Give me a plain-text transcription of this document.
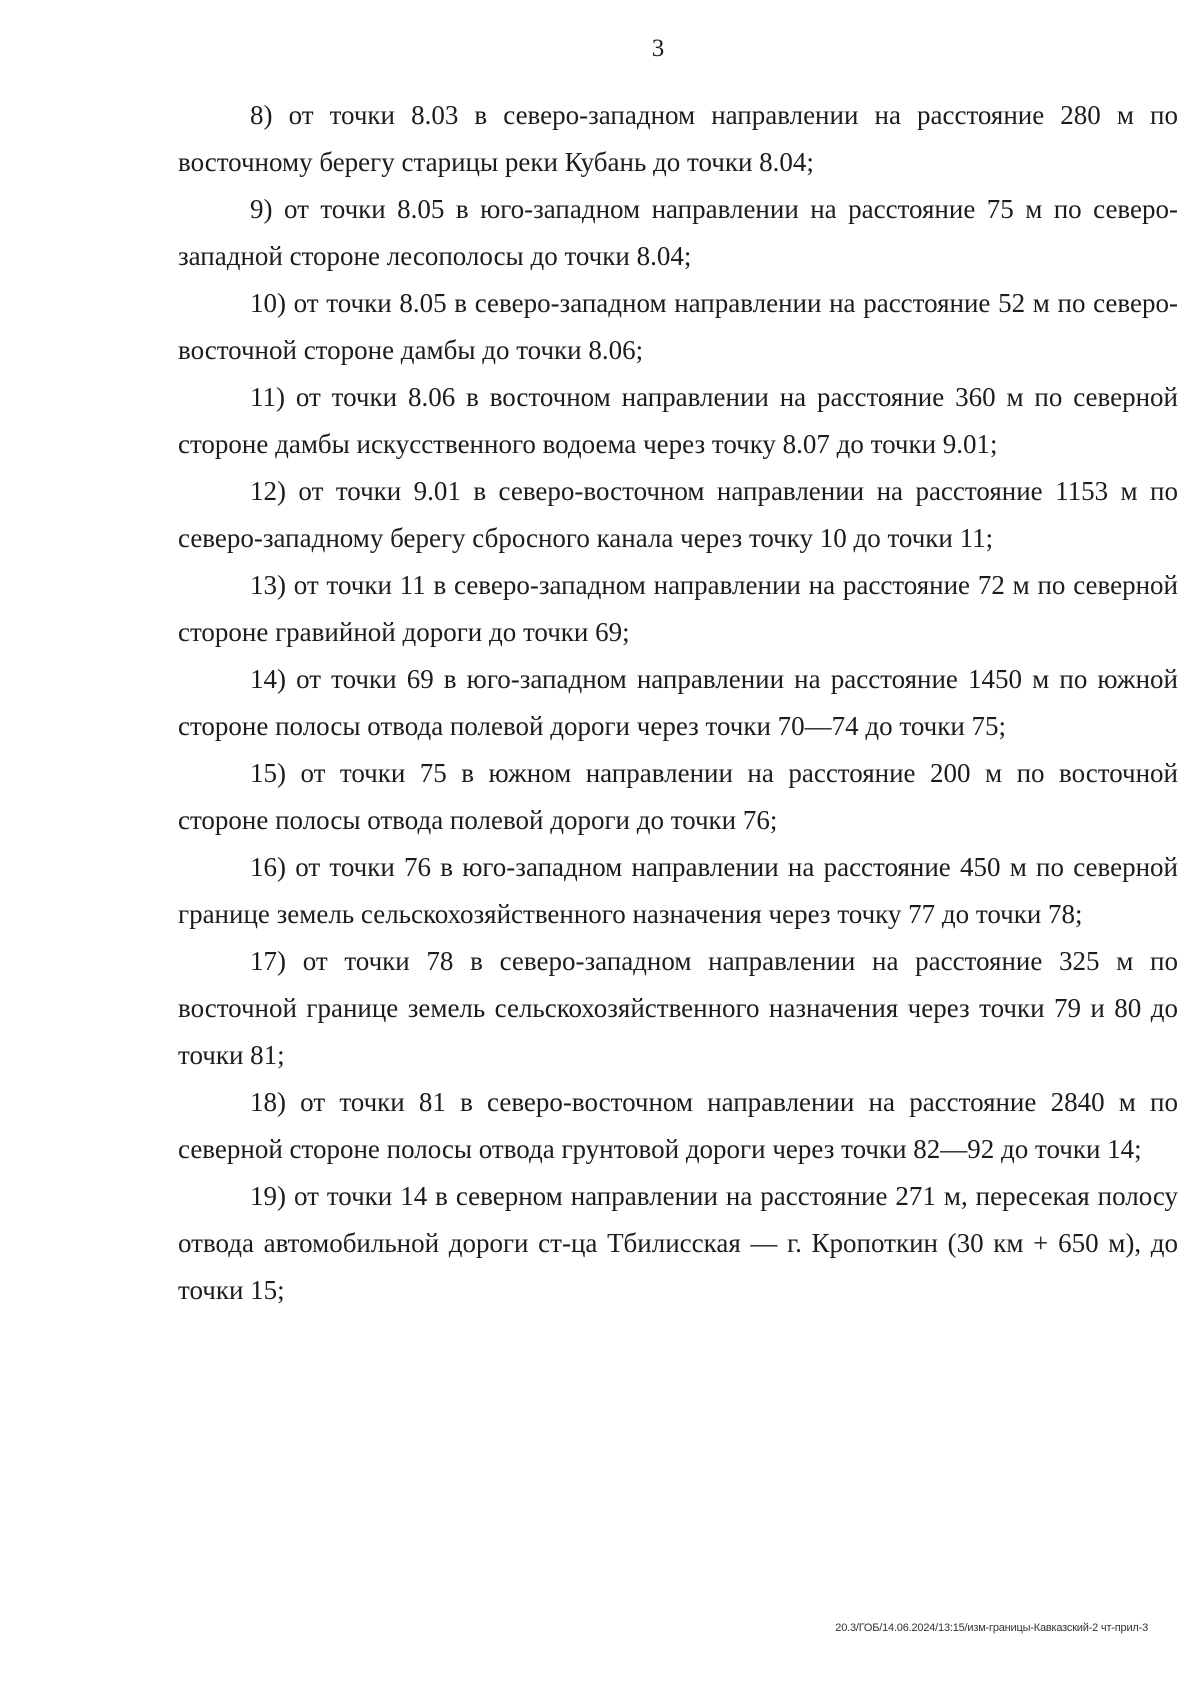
3

8) от точки 8.03 в северо-западном направлении на расстояние 280 м по восточному берегу старицы реки Кубань до точки 8.04;

9) от точки 8.05 в юго-западном направлении на расстояние 75 м по северо-западной стороне лесополосы до точки 8.04;

10) от точки 8.05 в северо-западном направлении на расстояние 52 м по северо-восточной стороне дамбы до точки 8.06;

11) от точки 8.06 в восточном направлении на расстояние 360 м по северной стороне дамбы искусственного водоема через точку 8.07 до точки 9.01;

12) от точки 9.01 в северо-восточном направлении на расстояние 1153 м по северо-западному берегу сбросного канала через точку 10 до точки 11;

13) от точки 11 в северо-западном направлении на расстояние 72 м по северной стороне гравийной дороги до точки 69;

14) от точки 69 в юго-западном направлении на расстояние 1450 м по южной стороне полосы отвода полевой дороги через точки 70—74 до точки 75;

15) от точки 75 в южном направлении на расстояние 200 м по восточной стороне полосы отвода полевой дороги до точки 76;

16) от точки 76 в юго-западном направлении на расстояние 450 м по северной границе земель сельскохозяйственного назначения через точку 77 до точки 78;

17) от точки 78 в северо-западном направлении на расстояние 325 м по восточной границе земель сельскохозяйственного назначения через точки 79 и 80 до точки 81;

18) от точки 81 в северо-восточном направлении на расстояние 2840 м по северной стороне полосы отвода грунтовой дороги через точки 82—92 до точки 14;

19) от точки 14 в северном направлении на расстояние 271 м, пересекая полосу отвода автомобильной дороги ст-ца Тбилисская — г. Кропоткин (30 км + 650 м), до точки 15;

20.3/ГОБ/14.06.2024/13:15/изм-границы-Кавказский-2 чт-прил-3
